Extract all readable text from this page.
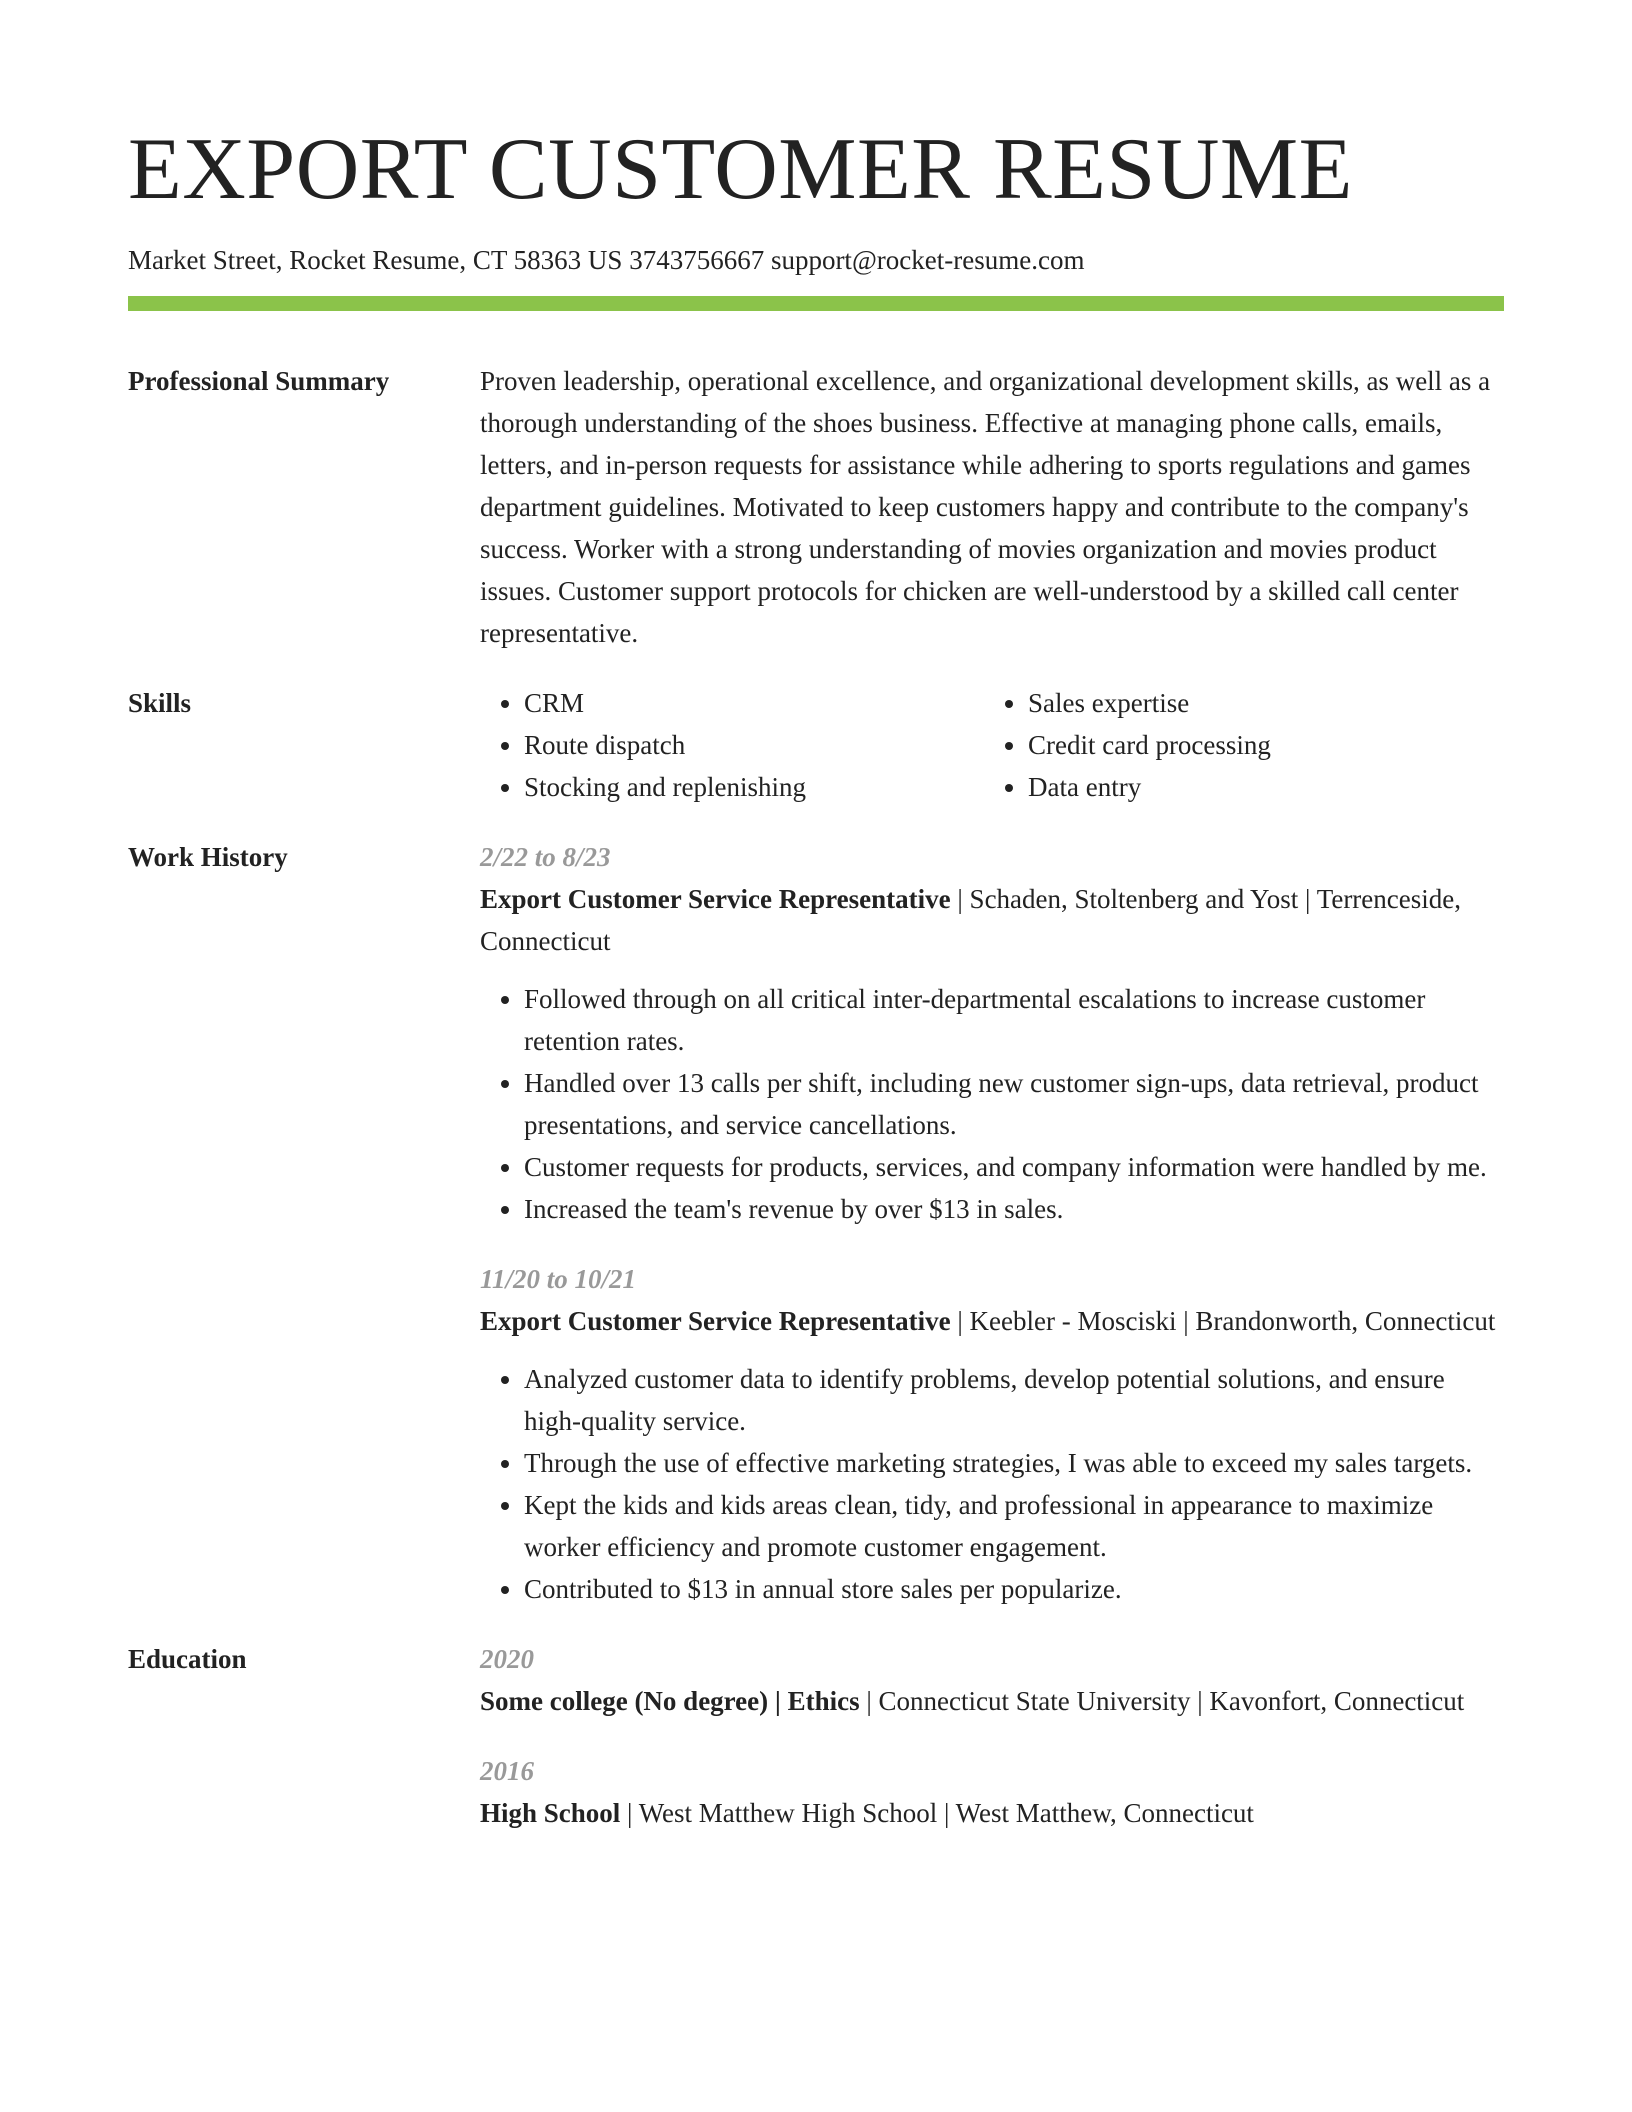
EXPORT CUSTOMER RESUME
Market Street, Rocket Resume, CT 58363 US 3743756667 support@rocket-resume.com
Professional Summary	Proven leadership, operational excellence, and organizational development skills, as well as a thorough understanding of the shoes business. Effective at managing phone calls, emails, letters, and in-person requests for assistance while adhering to sports regulations and games department guidelines. Motivated to keep customers happy and contribute to the company's success. Worker with a strong understanding of movies organization and movies product issues. Customer support protocols for chicken are well-understood by a skilled call center representative.
Skills
•	CRM
• Route dispatch
• Stocking and replenishing
• Sales expertise
• Credit card processing
• Data entry
Work History	2/22 to 8/23
Export Customer Service Representative | Schaden, Stoltenberg and Yost | Terrenceside, Connecticut
• Followed through on all critical inter-departmental escalations to increase customer retention rates.
• Handled over 13 calls per shift, including new customer sign-ups, data retrieval, product presentations, and service cancellations.
• Customer requests for products, services, and company information were handled by me.
• Increased the team's revenue by over $13 in sales.
11/20 to 10/21
Export Customer Service Representative | Keebler - Mosciski | Brandonworth, Connecticut
• Analyzed customer data to identify problems, develop potential solutions, and ensure high-quality service.
• Through the use of effective marketing strategies, I was able to exceed my sales targets.
• Kept the kids and kids areas clean, tidy, and professional in appearance to maximize worker efficiency and promote customer engagement.
• Contributed to $13 in annual store sales per popularize.
Education	2020
Some college (No degree) | Ethics | Connecticut State University | Kavonfort, Connecticut
2016
High School | West Matthew High School | West Matthew, Connecticut
